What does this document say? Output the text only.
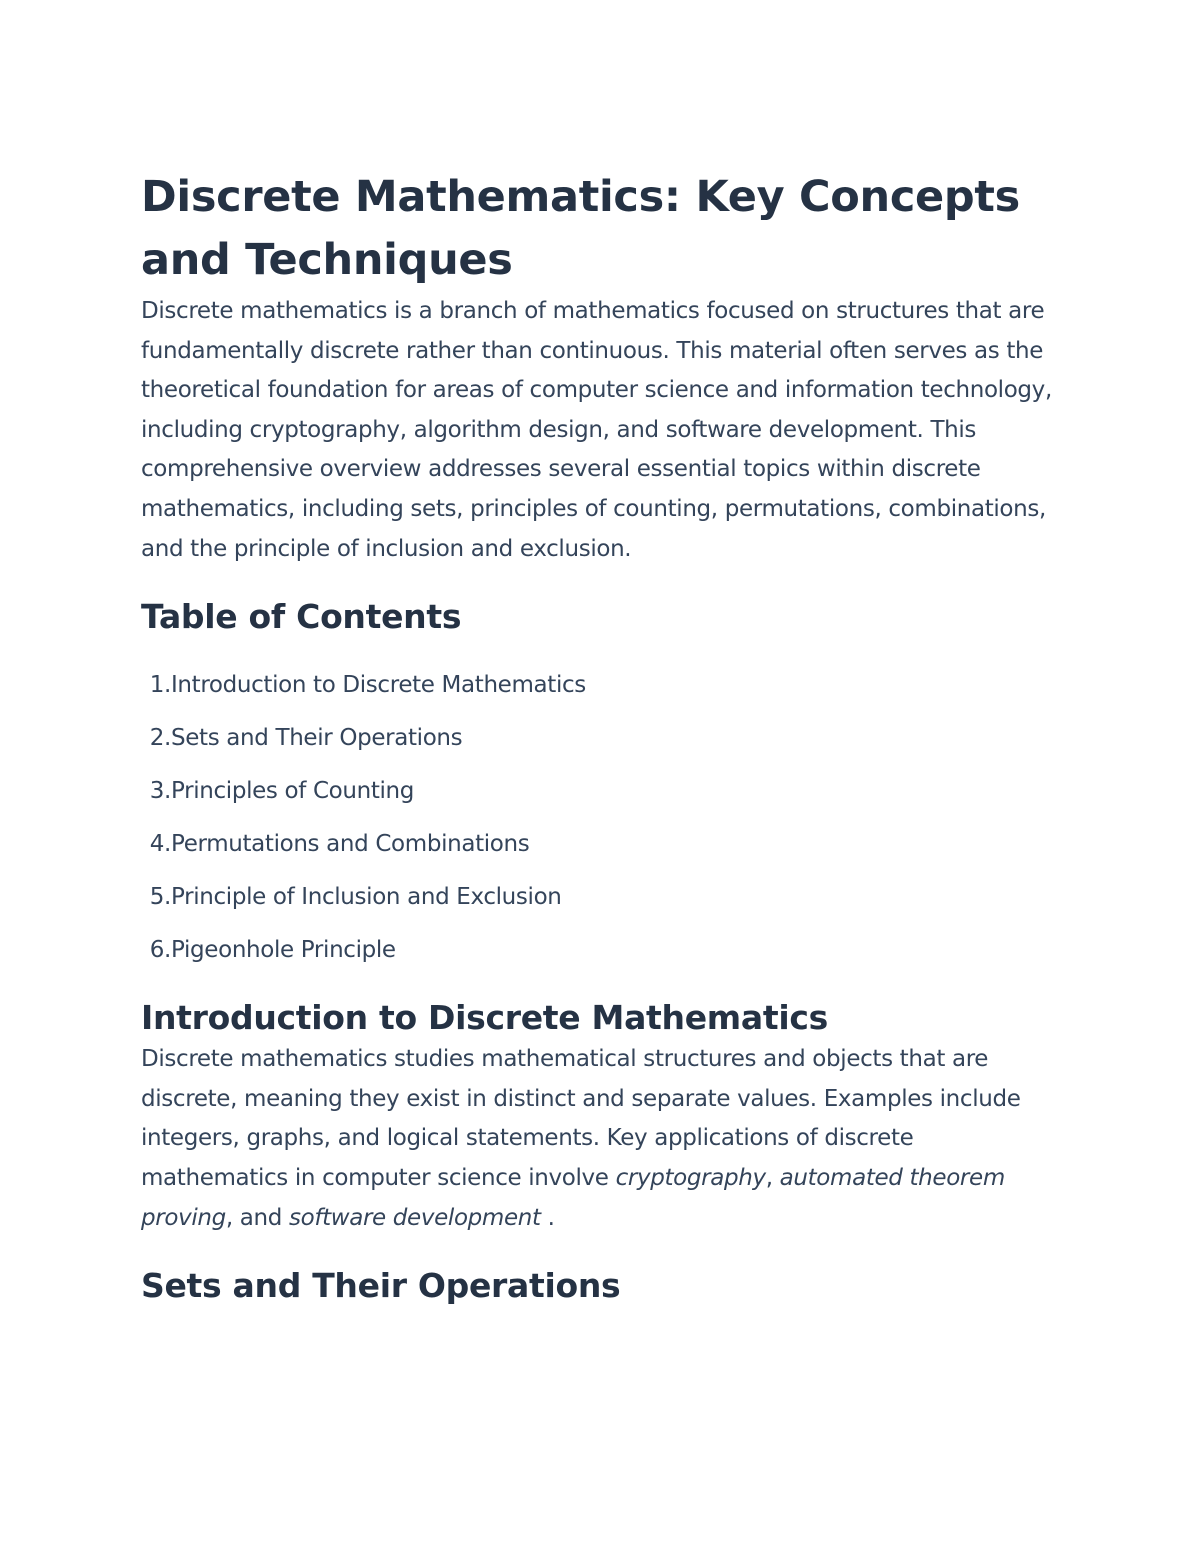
Discrete Mathematics: Key Concepts and Techniques

Discrete mathematics is a branch of mathematics focused on structures that are fundamentally discrete rather than continuous. This material often serves as the theoretical foundation for areas of computer science and information technology, including cryptography, algorithm design, and software development. This comprehensive overview addresses several essential topics within discrete mathematics, including sets, principles of counting, permutations, combinations, and the principle of inclusion and exclusion.

Table of Contents
1. Introduction to Discrete Mathematics
2. Sets and Their Operations
3. Principles of Counting
4. Permutations and Combinations
5. Principle of Inclusion and Exclusion
6. Pigeonhole Principle
Introduction to Discrete Mathematics

Discrete mathematics studies mathematical structures and objects that are discrete, meaning they exist in distinct and separate values. Examples include integers, graphs, and logical statements. Key applications of discrete mathematics in computer science involve cryptography, automated theorem proving, and software development .

Sets and Their Operations
